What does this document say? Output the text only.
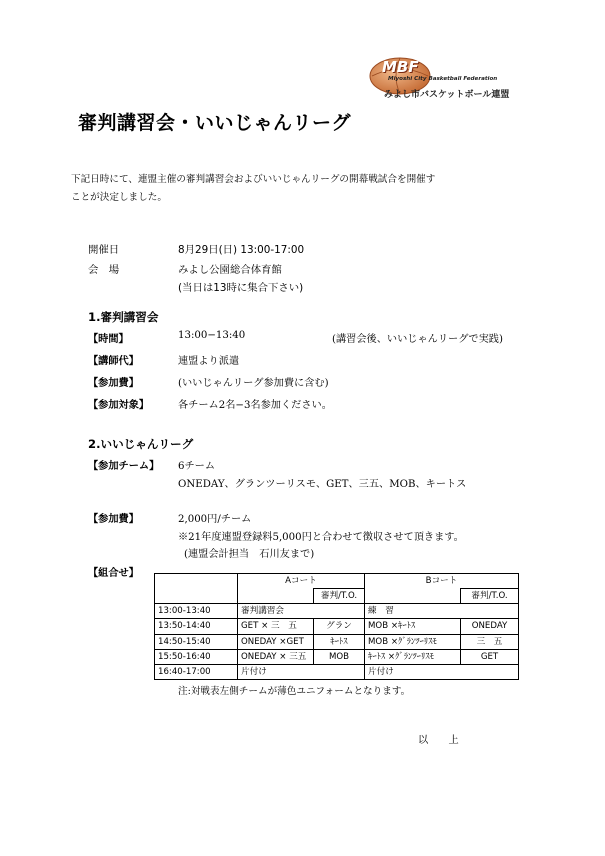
MBF
Miyoshi City Basketball Federation
みよし市バスケットボール連盟
審判講習会・いいじゃんリーグ
下記日時にて、連盟主催の審判講習会およびいいじゃんリーグの開幕戦試合を開催す
ことが決定しました。
開催日	8月29日(日) 13:00-17:00
会　場	みよし公園総合体育館
(当日は13時に集合下さい)
1.審判講習会
【時間】	13:00−13:40	(講習会後、いいじゃんリーグで実践)
【講師代】	連盟より派遣
【参加費】	(いいじゃんリーグ参加費に含む)
【参加対象】	各チーム2名−3名参加ください。
2.いいじゃんリーグ
【参加チーム】 6チーム
ONEDAY、グランツーリスモ、GET、三五、MOB、キートス
【参加費】	2,000円/チーム
※21年度連盟登録料5,000円と合わせて徴収させて頂きます。
(連盟会計担当　石川友まで)
【組合せ】
	Aコート		Bコート	
		審判/T.O.		審判/T.O.
13:00-13:40	審判講習会		練　習	
13:50-14:40	GET × 三　五	グラン	MOB ×ｷｰﾄｽ	ONEDAY
14:50-15:40	ONEDAY ×GET	ｷｰﾄｽ	MOB ×ｸﾞﾗﾝﾂｰﾘｽﾓ	三　五
15:50-16:40	ONEDAY × 三五	MOB	ｷｰﾄｽ ×ｸﾞﾗﾝﾂｰﾘｽﾓ	GET
16:40-17:00	片付け		片付け	
注:対戦表左側チームが薄色ユニフォームとなります。
以　　上
